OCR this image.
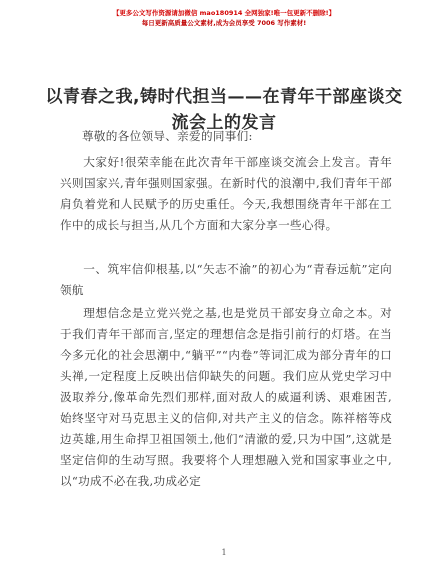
【更多公文写作资源请加微信 mao180914 全网独家!唯一包更新不删除!】
每日更新高质量公文素材,成为会员享受 7006 写作素材!
以青春之我,铸时代担当——在青年干部座谈交流会上的发言

尊敬的各位领导、亲爱的同事们:

大家好!很荣幸能在此次青年干部座谈交流会上发言。青年兴则国家兴,青年强则国家强。在新时代的浪潮中,我们青年干部肩负着党和人民赋予的历史重任。今天,我想围绕青年干部在工作中的成长与担当,从几个方面和大家分享一些心得。

一、筑牢信仰根基,以“矢志不渝”的初心为“青春远航”定向领航

理想信念是立党兴党之基,也是党员干部安身立命之本。对于我们青年干部而言,坚定的理想信念是指引前行的灯塔。在当今多元化的社会思潮中,“躺平”“内卷”等词汇成为部分青年的口头禅,一定程度上反映出信仰缺失的问题。我们应从党史学习中汲取养分,像革命先烈们那样,面对敌人的威逼利诱、艰难困苦,始终坚守对马克思主义的信仰,对共产主义的信念。陈祥榕等戍边英雄,用生命捍卫祖国领土,他们“清澈的爱,只为中国”,这就是坚定信仰的生动写照。我要将个人理想融入党和国家事业之中,以“功成不必在我,功成必定

1
